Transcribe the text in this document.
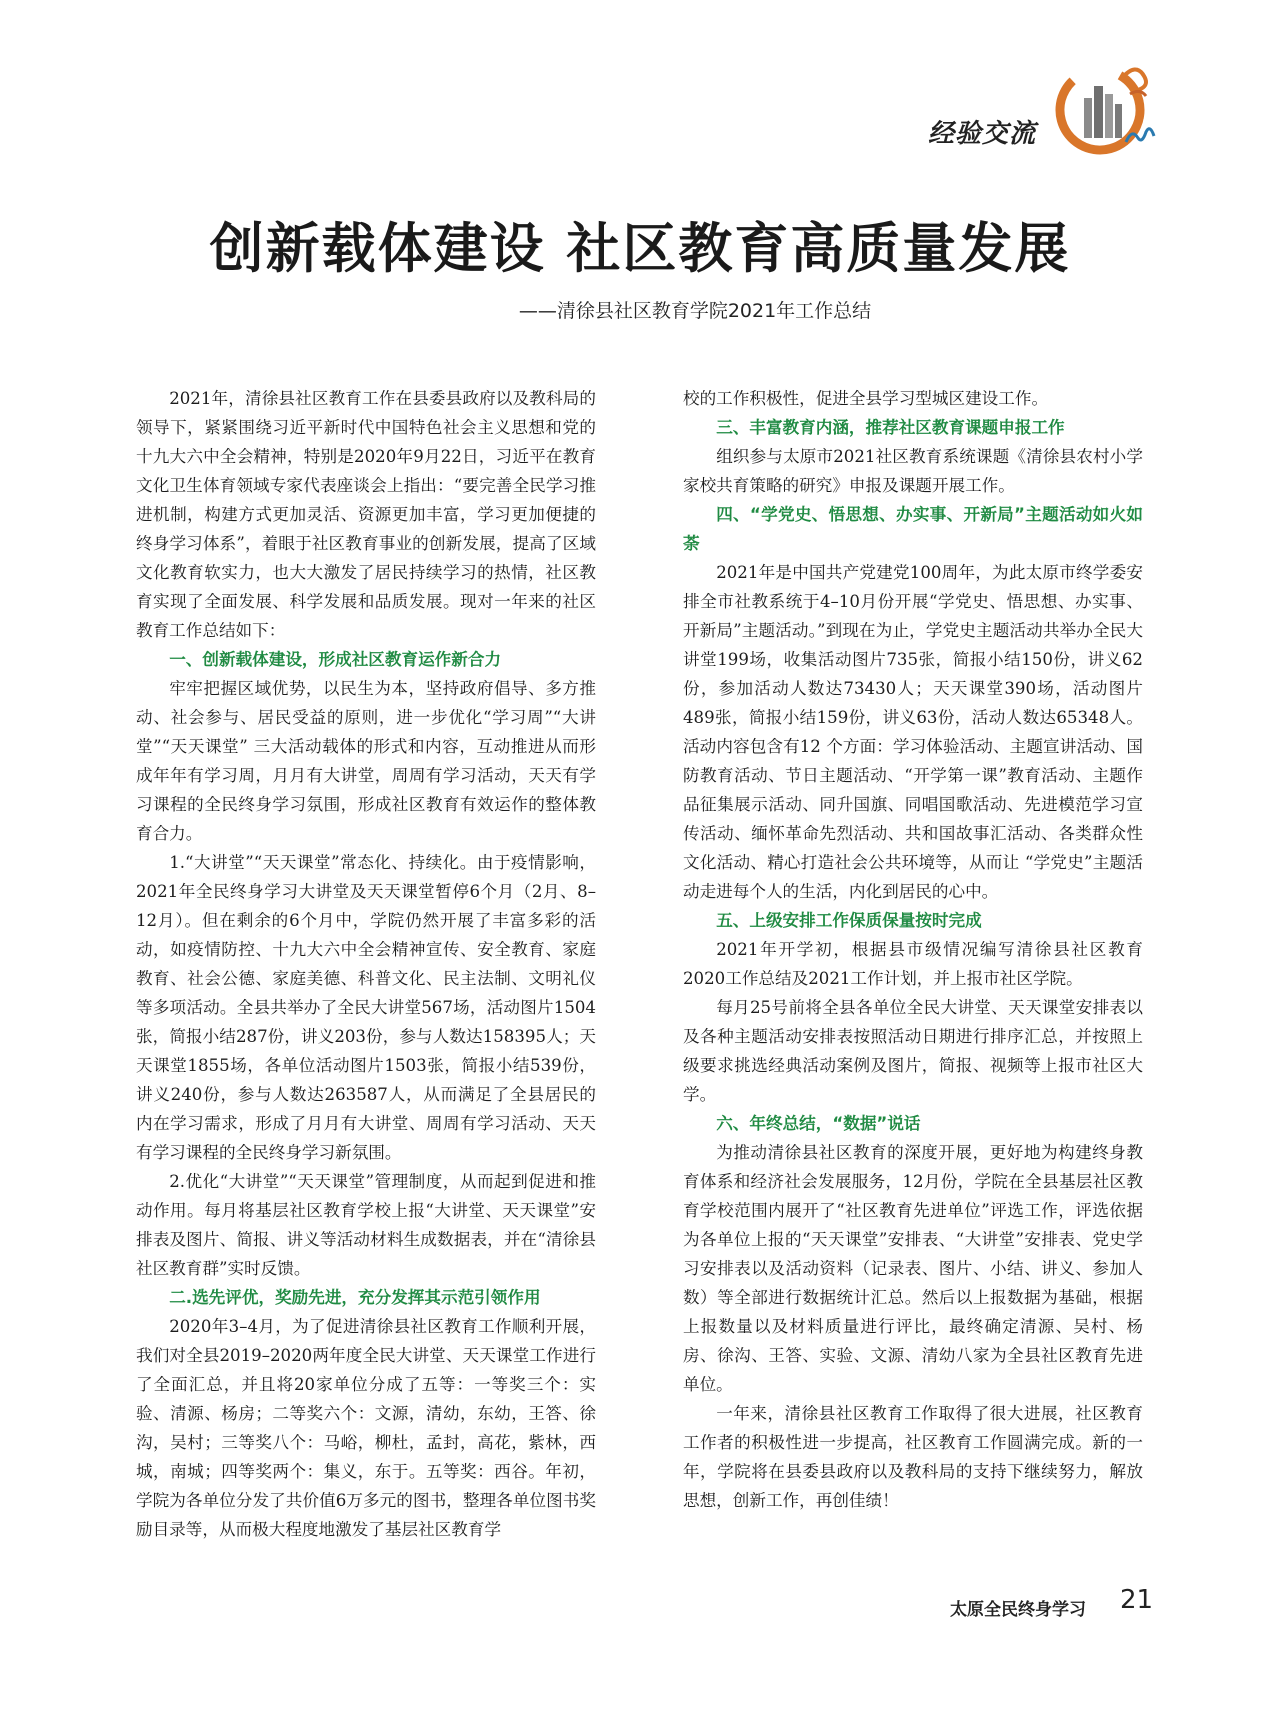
经验交流
创新载体建设 社区教育高质量发展
——清徐县社区教育学院2021年工作总结

2021年，清徐县社区教育工作在县委县政府以及教科局的领导下，紧紧围绕习近平新时代中国特色社会主义思想和党的十九大六中全会精神，特别是2020年9月22日，习近平在教育文化卫生体育领域专家代表座谈会上指出：“要完善全民学习推进机制，构建方式更加灵活、资源更加丰富，学习更加便捷的终身学习体系”，着眼于社区教育事业的创新发展，提高了区域文化教育软实力，也大大激发了居民持续学习的热情，社区教育实现了全面发展、科学发展和品质发展。现对一年来的社区教育工作总结如下：

一、创新载体建设，形成社区教育运作新合力

牢牢把握区域优势，以民生为本，坚持政府倡导、多方推动、社会参与、居民受益的原则，进一步优化“学习周”“大讲堂”“天天课堂” 三大活动载体的形式和内容，互动推进从而形成年年有学习周，月月有大讲堂，周周有学习活动，天天有学习课程的全民终身学习氛围，形成社区教育有效运作的整体教育合力。

1.“大讲堂”“天天课堂”常态化、持续化。由于疫情影响，2021年全民终身学习大讲堂及天天课堂暂停6个月（2月、8–12月）。但在剩余的6个月中，学院仍然开展了丰富多彩的活动，如疫情防控、十九大六中全会精神宣传、安全教育、家庭教育、社会公德、家庭美德、科普文化、民主法制、文明礼仪等多项活动。全县共举办了全民大讲堂567场，活动图片1504张，简报小结287份，讲义203份，参与人数达158395人；天天课堂1855场，各单位活动图片1503张，简报小结539份，讲义240份，参与人数达263587人，从而满足了全县居民的内在学习需求，形成了月月有大讲堂、周周有学习活动、天天有学习课程的全民终身学习新氛围。

2.优化“大讲堂”“天天课堂”管理制度，从而起到促进和推动作用。每月将基层社区教育学校上报“大讲堂、天天课堂”安排表及图片、简报、讲义等活动材料生成数据表，并在“清徐县社区教育群”实时反馈。

二.选先评优，奖励先进，充分发挥其示范引领作用

2020年3–4月，为了促进清徐县社区教育工作顺利开展，我们对全县2019–2020两年度全民大讲堂、天天课堂工作进行了全面汇总，并且将20家单位分成了五等：一等奖三个：实验、清源、杨房；二等奖六个：文源，清幼，东幼，王答、徐沟，吴村；三等奖八个：马峪，柳杜，孟封，高花，紫林，西城，南城；四等奖两个：集义，东于。五等奖：西谷。年初，学院为各单位分发了共价值6万多元的图书，整理各单位图书奖励目录等，从而极大程度地激发了基层社区教育学

校的工作积极性，促进全县学习型城区建设工作。

三、丰富教育内涵，推荐社区教育课题申报工作

组织参与太原市2021社区教育系统课题《清徐县农村小学家校共育策略的研究》申报及课题开展工作。

四、“学党史、悟思想、办实事、开新局”主题活动如火如荼

2021年是中国共产党建党100周年，为此太原市终学委安排全市社教系统于4–10月份开展“学党史、悟思想、办实事、开新局”主题活动。”到现在为止，学党史主题活动共举办全民大讲堂199场，收集活动图片735张，简报小结150份，讲义62份，参加活动人数达73430人；天天课堂390场，活动图片489张，简报小结159份，讲义63份，活动人数达65348人。活动内容包含有12 个方面：学习体验活动、主题宣讲活动、国防教育活动、节日主题活动、“开学第一课”教育活动、主题作品征集展示活动、同升国旗、同唱国歌活动、先进模范学习宣传活动、缅怀革命先烈活动、共和国故事汇活动、各类群众性文化活动、精心打造社会公共环境等，从而让 “学党史”主题活动走进每个人的生活，内化到居民的心中。

五、上级安排工作保质保量按时完成

2021年开学初，根据县市级情况编写清徐县社区教育2020工作总结及2021工作计划，并上报市社区学院。

每月25号前将全县各单位全民大讲堂、天天课堂安排表以及各种主题活动安排表按照活动日期进行排序汇总，并按照上级要求挑选经典活动案例及图片，简报、视频等上报市社区大学。

六、年终总结，“数据”说话

为推动清徐县社区教育的深度开展，更好地为构建终身教育体系和经济社会发展服务，12月份，学院在全县基层社区教育学校范围内展开了“社区教育先进单位”评选工作，评选依据为各单位上报的“天天课堂”安排表、“大讲堂”安排表、党史学习安排表以及活动资料（记录表、图片、小结、讲义、参加人数）等全部进行数据统计汇总。然后以上报数据为基础，根据上报数量以及材料质量进行评比，最终确定清源、吴村、杨房、徐沟、王答、实验、文源、清幼八家为全县社区教育先进单位。

一年来，清徐县社区教育工作取得了很大进展，社区教育工作者的积极性进一步提高，社区教育工作圆满完成。新的一年，学院将在县委县政府以及教科局的支持下继续努力，解放思想，创新工作，再创佳绩！

太原全民终身学习 21
